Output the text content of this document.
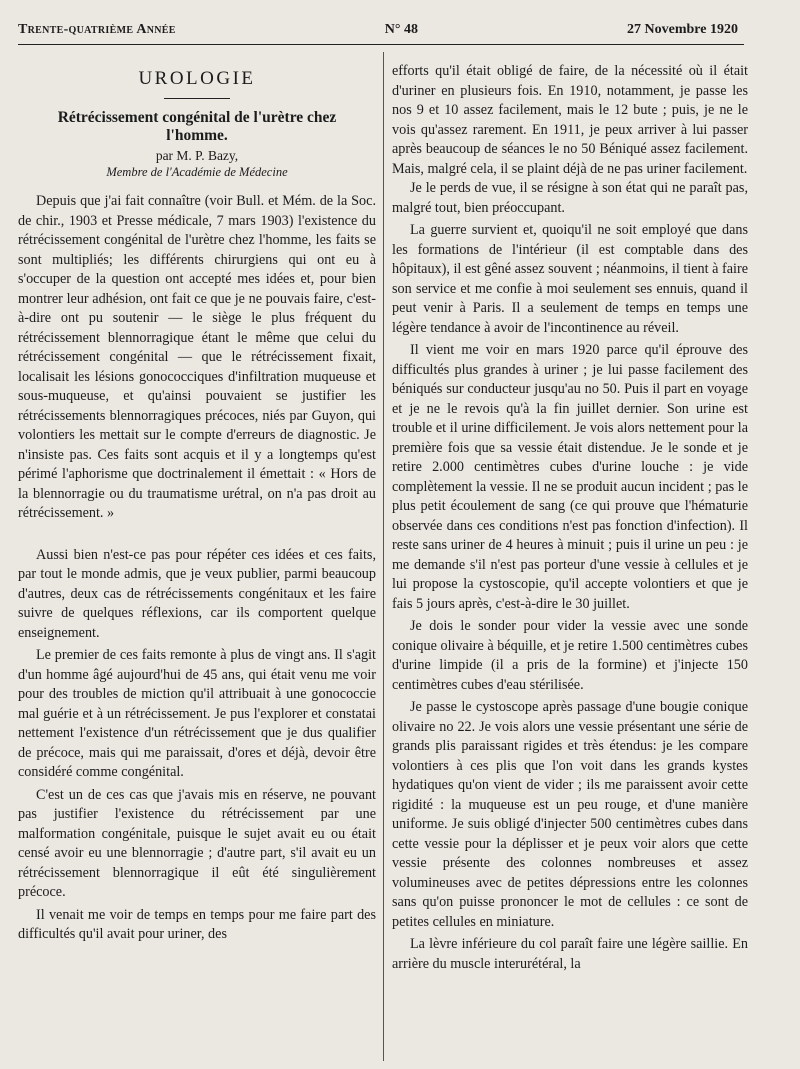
Trente-quatrième Année	N° 48	27 Novembre 1920
UROLOGIE
Rétrécissement congénital de l'urètre chez l'homme.
par M. P. Bazy,
Membre de l'Académie de Médecine

Depuis que j'ai fait connaître (voir Bull. et Mém. de la Soc. de chir., 1903 et Presse médicale, 7 mars 1903) l'existence du rétrécissement congénital de l'urètre chez l'homme, les faits se sont multipliés; les différents chirurgiens qui ont eu à s'occuper de la question ont accepté mes idées et, pour bien montrer leur adhésion, ont fait ce que je ne pouvais faire, c'est-à-dire ont pu soutenir — le siège le plus fréquent du rétrécissement blennorragique étant le même que celui du rétrécissement congénital — que le rétrécissement fixait, localisait les lésions gonococciques d'infiltration muqueuse et sous-muqueuse, et qu'ainsi pouvaient se justifier les rétrécissements blennorragiques précoces, niés par Guyon, qui volontiers les mettait sur le compte d'erreurs de diagnostic. Je n'insiste pas. Ces faits sont acquis et il y a longtemps qu'est périmé l'aphorisme que doctrinalement il émettait : « Hors de la blennorragie ou du traumatisme urétral, on n'a pas droit au rétrécissement. »

Aussi bien n'est-ce pas pour répéter ces idées et ces faits, par tout le monde admis, que je veux publier, parmi beaucoup d'autres, deux cas de rétrécissements congénitaux et les faire suivre de quelques réflexions, car ils comportent quelque enseignement.

Le premier de ces faits remonte à plus de vingt ans. Il s'agit d'un homme âgé aujourd'hui de 45 ans, qui était venu me voir pour des troubles de miction qu'il attribuait à une gonococcie mal guérie et à un rétrécissement. Je pus l'explorer et constatai nettement l'existence d'un rétrécissement que je dus qualifier de précoce, mais qui me paraissait, d'ores et déjà, devoir être considéré comme congénital.

C'est un de ces cas que j'avais mis en réserve, ne pouvant pas justifier l'existence du rétrécissement par une malformation congénitale, puisque le sujet avait eu ou était censé avoir eu une blennorragie ; d'autre part, s'il avait eu un rétrécissement blennorragique il eût été singulièrement précoce.

Il venait me voir de temps en temps pour me faire part des difficultés qu'il avait pour uriner, des

efforts qu'il était obligé de faire, de la nécessité où il était d'uriner en plusieurs fois. En 1910, notamment, je passe les nos 9 et 10 assez facilement, mais le 12 bute ; puis, je ne le vois qu'assez rarement. En 1911, je peux arriver à lui passer après beaucoup de séances le no 50 Béniqué assez facilement. Mais, malgré cela, il se plaint déjà de ne pas uriner facilement.

Je le perds de vue, il se résigne à son état qui ne paraît pas, malgré tout, bien préoccupant.

La guerre survient et, quoiqu'il ne soit employé que dans les formations de l'intérieur (il est comptable dans des hôpitaux), il est gêné assez souvent ; néanmoins, il tient à faire son service et me confie à moi seulement ses ennuis, quand il peut venir à Paris. Il a seulement de temps en temps une légère tendance à avoir de l'incontinence au réveil.

Il vient me voir en mars 1920 parce qu'il éprouve des difficultés plus grandes à uriner ; je lui passe facilement des béniqués sur conducteur jusqu'au no 50. Puis il part en voyage et je ne le revois qu'à la fin juillet dernier. Son urine est trouble et il urine difficilement. Je vois alors nettement pour la première fois que sa vessie était distendue. Je le sonde et je retire 2.000 centimètres cubes d'urine louche : je vide complètement la vessie. Il ne se produit aucun incident ; pas le plus petit écoulement de sang (ce qui prouve que l'hématurie observée dans ces conditions n'est pas fonction d'infection). Il reste sans uriner de 4 heures à minuit ; puis il urine un peu : je me demande s'il n'est pas porteur d'une vessie à cellules et je lui propose la cystoscopie, qu'il accepte volontiers et que je fais 5 jours après, c'est-à-dire le 30 juillet.

Je dois le sonder pour vider la vessie avec une sonde conique olivaire à béquille, et je retire 1.500 centimètres cubes d'urine limpide (il a pris de la formine) et j'injecte 150 centimètres cubes d'eau stérilisée.

Je passe le cystoscope après passage d'une bougie conique olivaire no 22. Je vois alors une vessie présentant une série de grands plis paraissant rigides et très étendus: je les compare volontiers à ces plis que l'on voit dans les grands kystes hydatiques qu'on vient de vider ; ils me paraissent avoir cette rigidité : la muqueuse est un peu rouge, et d'une manière uniforme. Je suis obligé d'injecter 500 centimètres cubes dans cette vessie pour la déplisser et je peux voir alors que cette vessie présente des colonnes nombreuses et assez volumineuses avec de petites dépressions entre les colonnes sans qu'on puisse prononcer le mot de cellules : ce sont de petites cellules en miniature.

La lèvre inférieure du col paraît faire une légère saillie. En arrière du muscle interurétéral, la
